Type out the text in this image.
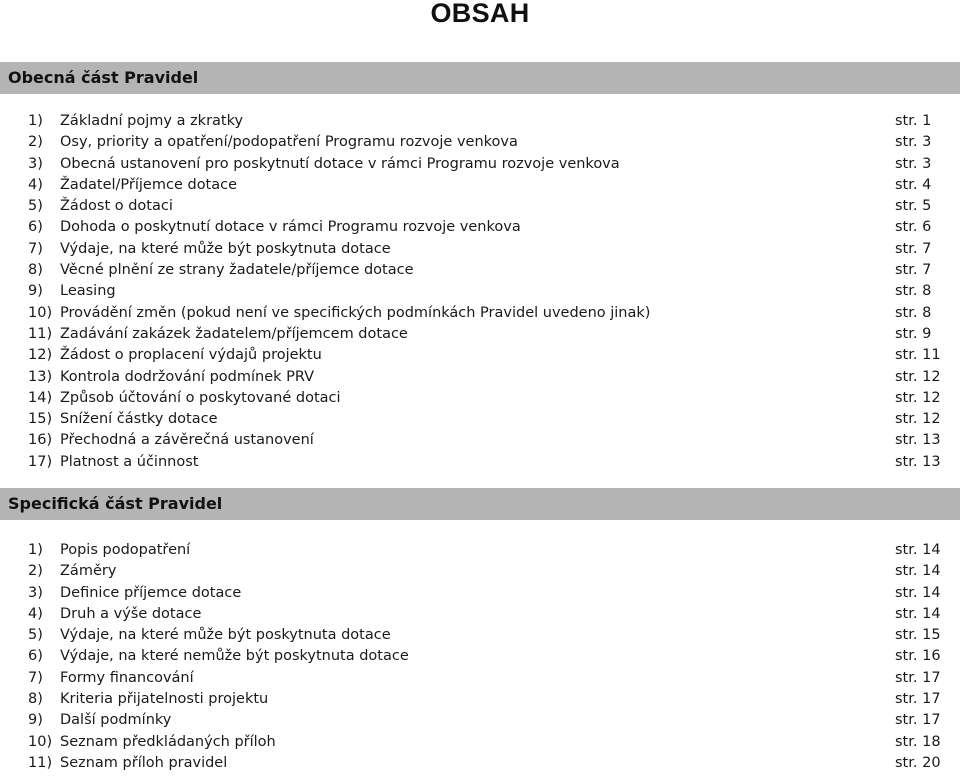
OBSAH
Obecná část Pravidel
1) Základní pojmy a zkratky	str. 1
2) Osy, priority a opatření/podopatření Programu rozvoje venkova	str. 3
3) Obecná ustanovení pro poskytnutí dotace v rámci Programu rozvoje venkova	str. 3
4) Žadatel/Příjemce dotace	str. 4
5) Žádost o dotaci	str. 5
6) Dohoda o poskytnutí dotace v rámci Programu rozvoje venkova	str. 6
7) Výdaje, na které může být poskytnuta dotace	str. 7
8) Věcné plnění ze strany žadatele/příjemce dotace	str. 7
9) Leasing	str. 8
10) Provádění změn (pokud není ve specifických podmínkách Pravidel uvedeno jinak)	str. 8
11) Zadávání zakázek žadatelem/příjemcem dotace	str. 9
12) Žádost o proplacení výdajů projektu	str. 11
13) Kontrola dodržování podmínek PRV	str. 12
14) Způsob účtování o poskytované dotaci	str. 12
15) Snížení částky dotace	str. 12
16) Přechodná a závěrečná ustanovení	str. 13
17) Platnost a účinnost	str. 13
Specifická část Pravidel
1) Popis podopatření	str. 14
2) Záměry	str. 14
3) Definice příjemce dotace	str. 14
4) Druh a výše dotace	str. 14
5) Výdaje, na které může být poskytnuta dotace	str. 15
6) Výdaje, na které nemůže být poskytnuta dotace	str. 16
7) Formy financování	str. 17
8) Kriteria přijatelnosti projektu	str. 17
9) Další podmínky	str. 17
10) Seznam předkládaných příloh	str. 18
11) Seznam příloh pravidel	str. 20
